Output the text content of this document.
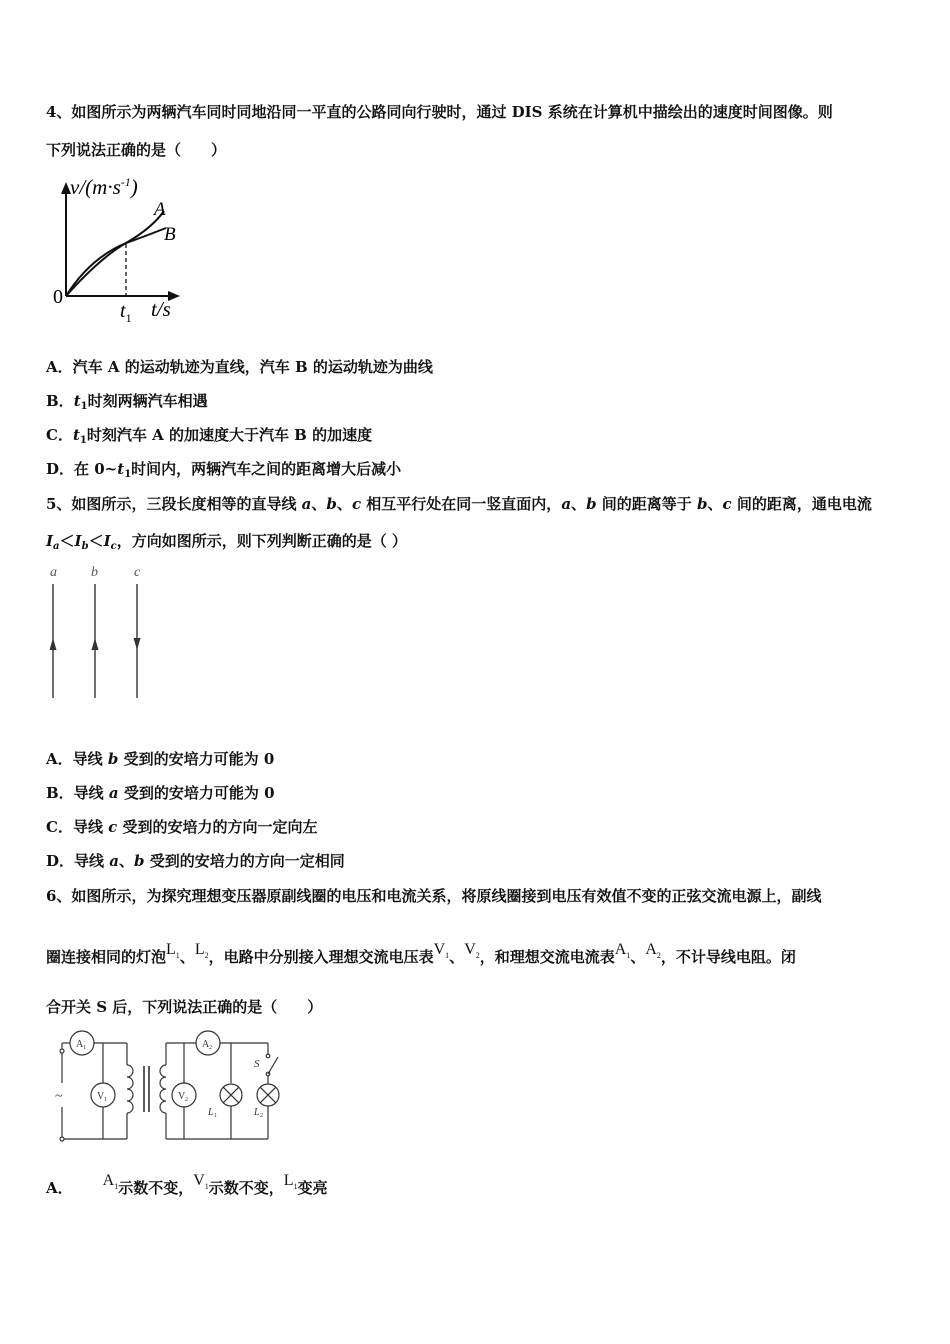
4、如图所示为两辆汽车同时同地沿同一平直的公路同向行驶时，通过 DIS 系统在计算机中描绘出的速度时间图像。则
下列说法正确的是（　　）
$v/(m\cdot s^{-1})$
0
$t_1$ t/s
A
B
A．汽车 A 的运动轨迹为直线，汽车 B 的运动轨迹为曲线
B．$t_1$时刻两辆汽车相遇
C．$t_1$时刻汽车 A 的加速度大于汽车 B 的加速度
D．在 $0\sim t_1$时间内，两辆汽车之间的距离增大后减小
5、如图所示，三段长度相等的直导线 a、b、c 相互平行处在同一竖直面内，a、b 间的距离等于 b、c 间的距离，通电电流
$I_a<I_b<I_c$，方向如图所示，则下列判断正确的是（ ）
a b	c
A．导线 b 受到的安培力可能为 0
B．导线 a 受到的安培力可能为 0
C．导线 c 受到的安培力的方向一定向左
D．导线 a、b 受到的安培力的方向一定相同
6、如图所示，为探究理想变压器原副线圈的电压和电流关系，将原线圈接到电压有效值不变的正弦交流电源上，副线
圈连接相同的灯泡$L_1$、$L_2$，电路中分别接入理想交流电压表$V_1$、$V_2$，和理想交流电流表$A_1$、$A_2$，不计导线电阻。闭
合开关 S 后，下列说法正确的是（　　）
A 1
V 1
A 2
V 2
L 1	L 2
S
~
A． $A_1$示数不变，$V_1$示数不变，$L_1$变亮
